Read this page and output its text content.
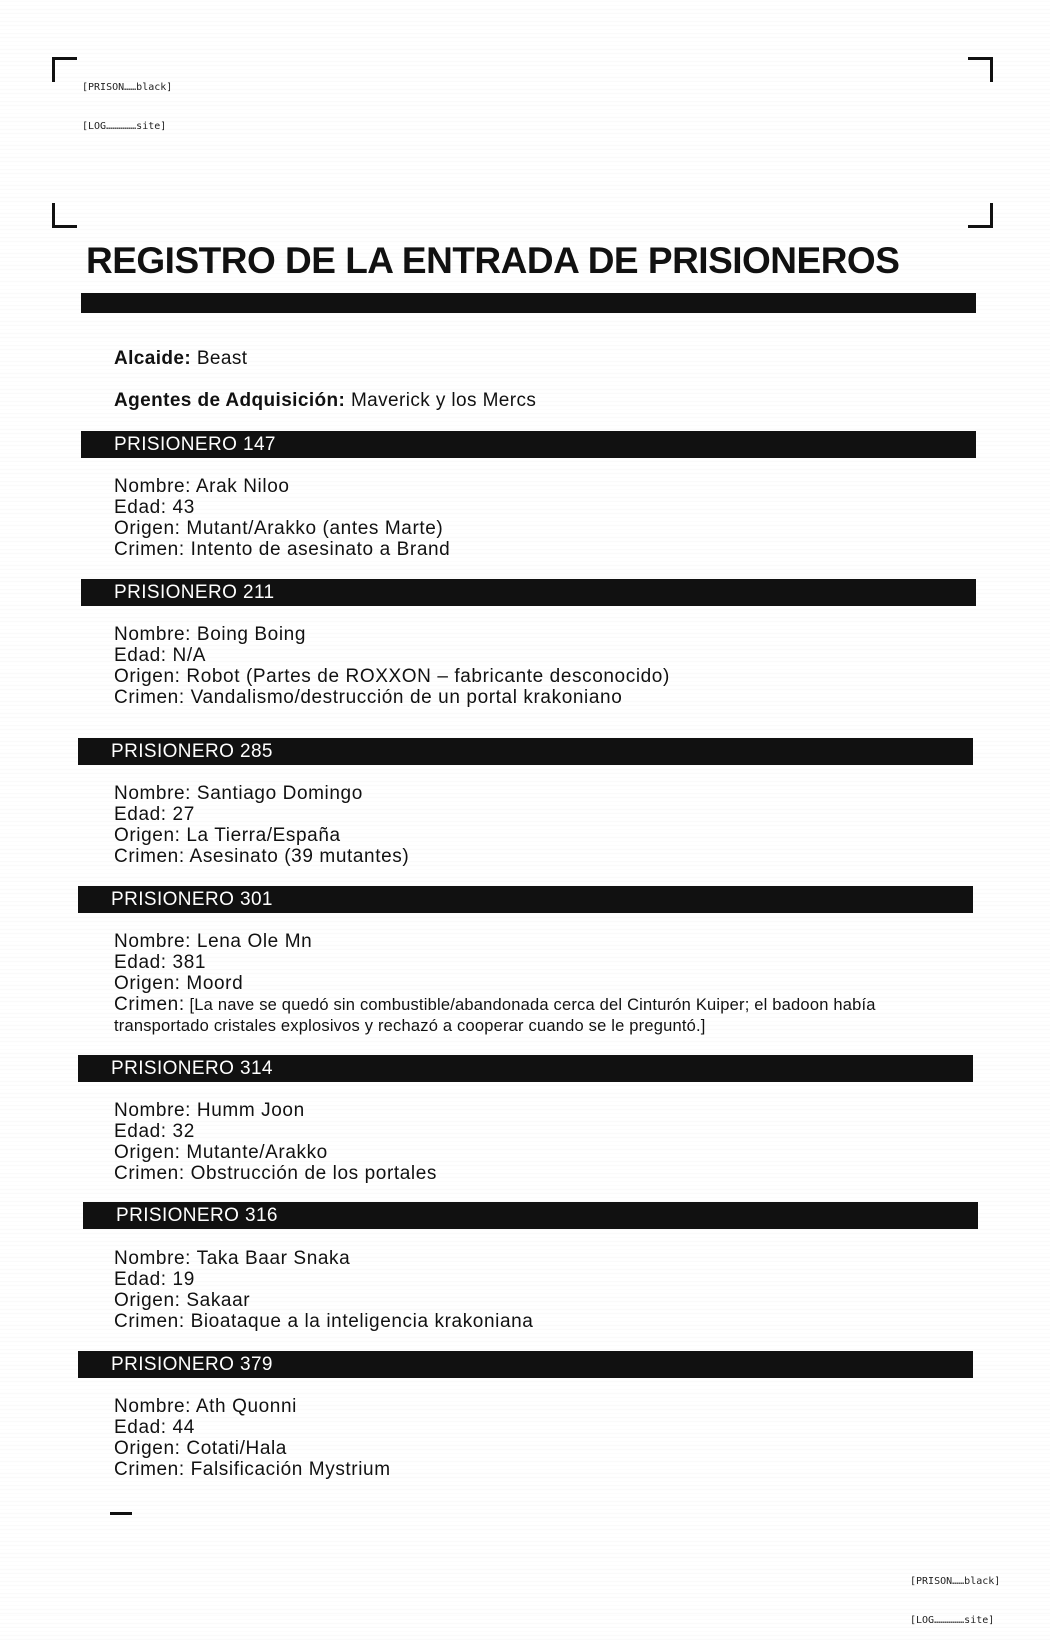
[PRISON……black]

[LOG……………site]

REGISTRO DE LA ENTRADA DE PRISIONEROS
Alcaide: Beast
Agentes de Adquisición: Maverick y los Mercs
PRISIONERO 147
Nombre: Arak Niloo
Edad: 43
Origen: Mutant/Arakko (antes Marte)
Crimen: Intento de asesinato a Brand
PRISIONERO 211
Nombre: Boing Boing
Edad: N/A
Origen: Robot (Partes de ROXXON – fabricante desconocido)
Crimen: Vandalismo/destrucción de un portal krakoniano
PRISIONERO 285
Nombre: Santiago Domingo
Edad: 27
Origen: La Tierra/España
Crimen: Asesinato (39 mutantes)
PRISIONERO 301
Nombre: Lena Ole Mn
Edad: 381
Origen: Moord
Crimen: [La nave se quedó sin combustible/abandonada cerca del Cinturón Kuiper; el badoon había transportado cristales explosivos y rechazó a cooperar cuando se le preguntó.]
PRISIONERO 314
Nombre: Humm Joon
Edad: 32
Origen: Mutante/Arakko
Crimen: Obstrucción de los portales
PRISIONERO 316
Nombre: Taka Baar Snaka
Edad: 19
Origen: Sakaar
Crimen: Bioataque a la inteligencia krakoniana
PRISIONERO 379
Nombre: Ath Quonni
Edad: 44
Origen: Cotati/Hala
Crimen: Falsificación Mystrium

[PRISON……black]

[LOG……………site]
